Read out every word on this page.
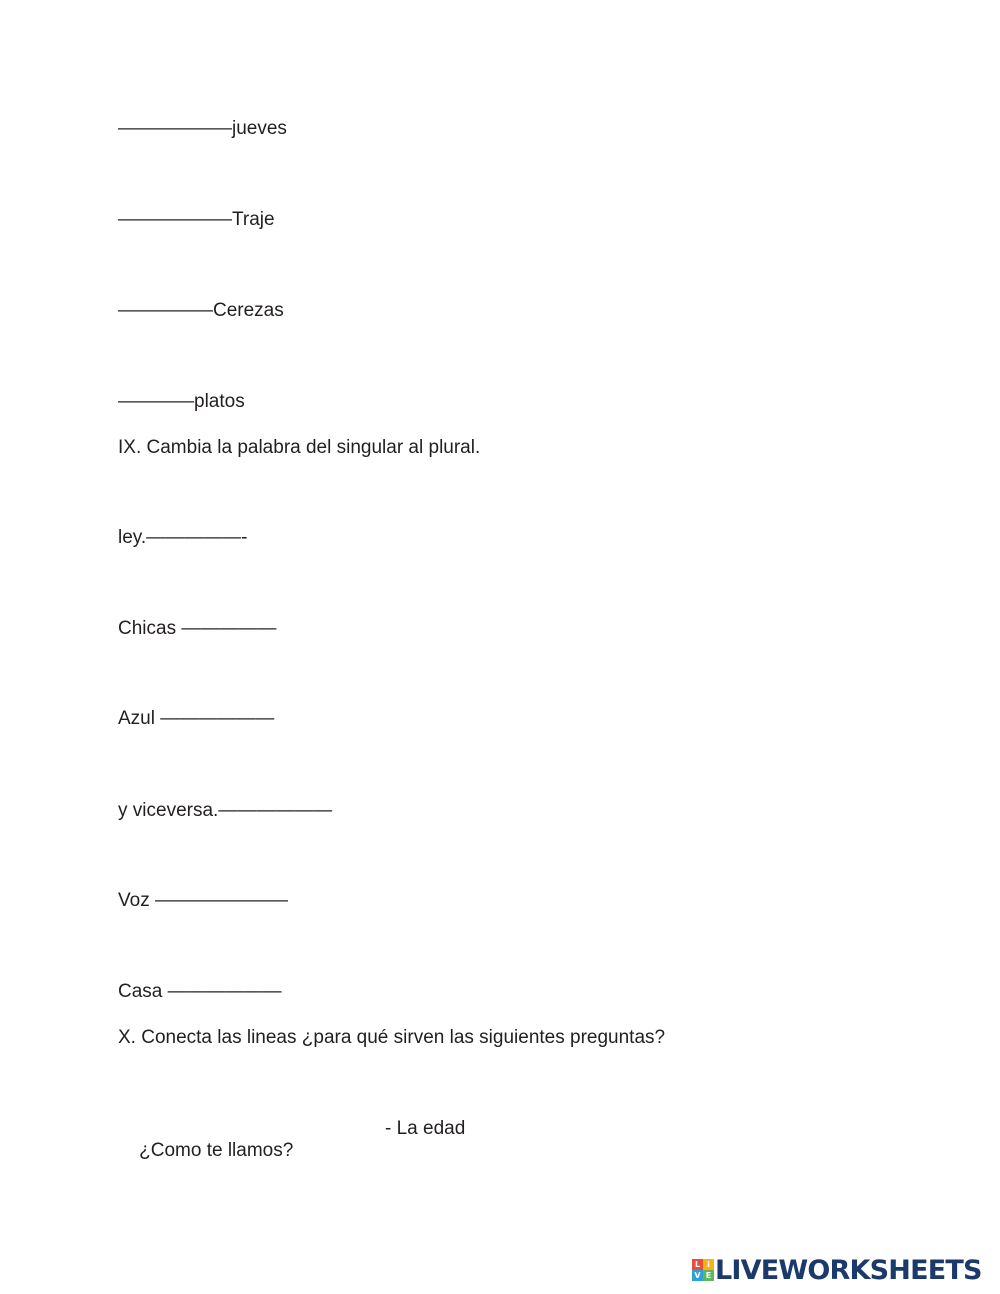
——————jueves
——————Traje
—————Cerezas
————platos
IX. Cambia la palabra del singular al plural.
ley.—————-
Chicas —————
Azul ——————
y viceversa.——————
Voz ———————
Casa ——————
X. Conecta las lineas ¿para qué sirven las siguientes preguntas?

¿Como te llamos?

- La edad

L I
V E LIVEWORKSHEETS
